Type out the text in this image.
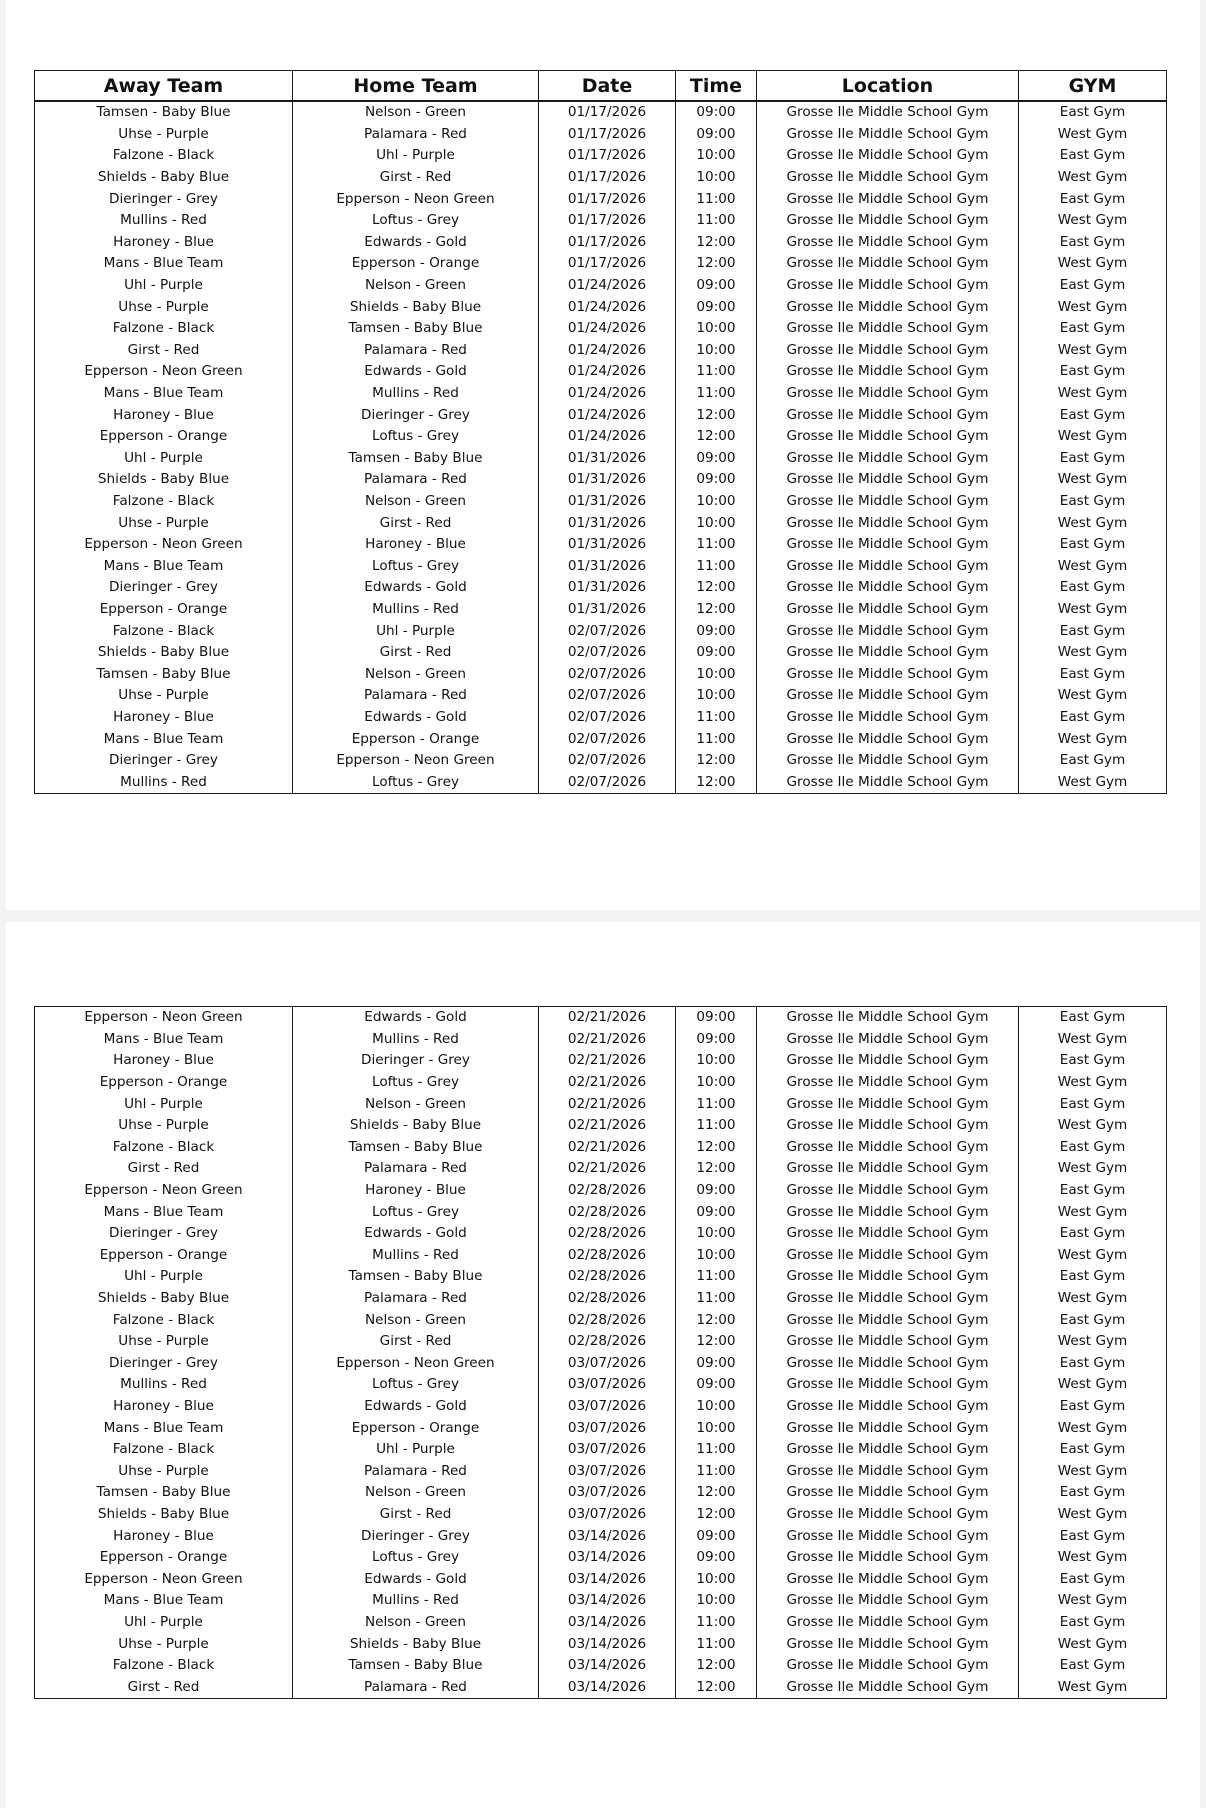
Away Team	Home Team	Date	Time	Location	GYM
Tamsen - Baby Blue	Nelson - Green	01/17/2026	09:00	Grosse Ile Middle School Gym	East Gym
Uhse - Purple	Palamara - Red	01/17/2026	09:00	Grosse Ile Middle School Gym	West Gym
Falzone - Black	Uhl - Purple	01/17/2026	10:00	Grosse Ile Middle School Gym	East Gym
Shields - Baby Blue	Girst - Red	01/17/2026	10:00	Grosse Ile Middle School Gym	West Gym
Dieringer - Grey	Epperson - Neon Green	01/17/2026	11:00	Grosse Ile Middle School Gym	East Gym
Mullins - Red	Loftus - Grey	01/17/2026	11:00	Grosse Ile Middle School Gym	West Gym
Haroney - Blue	Edwards - Gold	01/17/2026	12:00	Grosse Ile Middle School Gym	East Gym
Mans - Blue Team	Epperson - Orange	01/17/2026	12:00	Grosse Ile Middle School Gym	West Gym
Uhl - Purple	Nelson - Green	01/24/2026	09:00	Grosse Ile Middle School Gym	East Gym
Uhse - Purple	Shields - Baby Blue	01/24/2026	09:00	Grosse Ile Middle School Gym	West Gym
Falzone - Black	Tamsen - Baby Blue	01/24/2026	10:00	Grosse Ile Middle School Gym	East Gym
Girst - Red	Palamara - Red	01/24/2026	10:00	Grosse Ile Middle School Gym	West Gym
Epperson - Neon Green	Edwards - Gold	01/24/2026	11:00	Grosse Ile Middle School Gym	East Gym
Mans - Blue Team	Mullins - Red	01/24/2026	11:00	Grosse Ile Middle School Gym	West Gym
Haroney - Blue	Dieringer - Grey	01/24/2026	12:00	Grosse Ile Middle School Gym	East Gym
Epperson - Orange	Loftus - Grey	01/24/2026	12:00	Grosse Ile Middle School Gym	West Gym
Uhl - Purple	Tamsen - Baby Blue	01/31/2026	09:00	Grosse Ile Middle School Gym	East Gym
Shields - Baby Blue	Palamara - Red	01/31/2026	09:00	Grosse Ile Middle School Gym	West Gym
Falzone - Black	Nelson - Green	01/31/2026	10:00	Grosse Ile Middle School Gym	East Gym
Uhse - Purple	Girst - Red	01/31/2026	10:00	Grosse Ile Middle School Gym	West Gym
Epperson - Neon Green	Haroney - Blue	01/31/2026	11:00	Grosse Ile Middle School Gym	East Gym
Mans - Blue Team	Loftus - Grey	01/31/2026	11:00	Grosse Ile Middle School Gym	West Gym
Dieringer - Grey	Edwards - Gold	01/31/2026	12:00	Grosse Ile Middle School Gym	East Gym
Epperson - Orange	Mullins - Red	01/31/2026	12:00	Grosse Ile Middle School Gym	West Gym
Falzone - Black	Uhl - Purple	02/07/2026	09:00	Grosse Ile Middle School Gym	East Gym
Shields - Baby Blue	Girst - Red	02/07/2026	09:00	Grosse Ile Middle School Gym	West Gym
Tamsen - Baby Blue	Nelson - Green	02/07/2026	10:00	Grosse Ile Middle School Gym	East Gym
Uhse - Purple	Palamara - Red	02/07/2026	10:00	Grosse Ile Middle School Gym	West Gym
Haroney - Blue	Edwards - Gold	02/07/2026	11:00	Grosse Ile Middle School Gym	East Gym
Mans - Blue Team	Epperson - Orange	02/07/2026	11:00	Grosse Ile Middle School Gym	West Gym
Dieringer - Grey	Epperson - Neon Green	02/07/2026	12:00	Grosse Ile Middle School Gym	East Gym
Mullins - Red	Loftus - Grey	02/07/2026	12:00	Grosse Ile Middle School Gym	West Gym
Epperson - Neon Green	Edwards - Gold	02/21/2026	09:00	Grosse Ile Middle School Gym	East Gym
Mans - Blue Team	Mullins - Red	02/21/2026	09:00	Grosse Ile Middle School Gym	West Gym
Haroney - Blue	Dieringer - Grey	02/21/2026	10:00	Grosse Ile Middle School Gym	East Gym
Epperson - Orange	Loftus - Grey	02/21/2026	10:00	Grosse Ile Middle School Gym	West Gym
Uhl - Purple	Nelson - Green	02/21/2026	11:00	Grosse Ile Middle School Gym	East Gym
Uhse - Purple	Shields - Baby Blue	02/21/2026	11:00	Grosse Ile Middle School Gym	West Gym
Falzone - Black	Tamsen - Baby Blue	02/21/2026	12:00	Grosse Ile Middle School Gym	East Gym
Girst - Red	Palamara - Red	02/21/2026	12:00	Grosse Ile Middle School Gym	West Gym
Epperson - Neon Green	Haroney - Blue	02/28/2026	09:00	Grosse Ile Middle School Gym	East Gym
Mans - Blue Team	Loftus - Grey	02/28/2026	09:00	Grosse Ile Middle School Gym	West Gym
Dieringer - Grey	Edwards - Gold	02/28/2026	10:00	Grosse Ile Middle School Gym	East Gym
Epperson - Orange	Mullins - Red	02/28/2026	10:00	Grosse Ile Middle School Gym	West Gym
Uhl - Purple	Tamsen - Baby Blue	02/28/2026	11:00	Grosse Ile Middle School Gym	East Gym
Shields - Baby Blue	Palamara - Red	02/28/2026	11:00	Grosse Ile Middle School Gym	West Gym
Falzone - Black	Nelson - Green	02/28/2026	12:00	Grosse Ile Middle School Gym	East Gym
Uhse - Purple	Girst - Red	02/28/2026	12:00	Grosse Ile Middle School Gym	West Gym
Dieringer - Grey	Epperson - Neon Green	03/07/2026	09:00	Grosse Ile Middle School Gym	East Gym
Mullins - Red	Loftus - Grey	03/07/2026	09:00	Grosse Ile Middle School Gym	West Gym
Haroney - Blue	Edwards - Gold	03/07/2026	10:00	Grosse Ile Middle School Gym	East Gym
Mans - Blue Team	Epperson - Orange	03/07/2026	10:00	Grosse Ile Middle School Gym	West Gym
Falzone - Black	Uhl - Purple	03/07/2026	11:00	Grosse Ile Middle School Gym	East Gym
Uhse - Purple	Palamara - Red	03/07/2026	11:00	Grosse Ile Middle School Gym	West Gym
Tamsen - Baby Blue	Nelson - Green	03/07/2026	12:00	Grosse Ile Middle School Gym	East Gym
Shields - Baby Blue	Girst - Red	03/07/2026	12:00	Grosse Ile Middle School Gym	West Gym
Haroney - Blue	Dieringer - Grey	03/14/2026	09:00	Grosse Ile Middle School Gym	East Gym
Epperson - Orange	Loftus - Grey	03/14/2026	09:00	Grosse Ile Middle School Gym	West Gym
Epperson - Neon Green	Edwards - Gold	03/14/2026	10:00	Grosse Ile Middle School Gym	East Gym
Mans - Blue Team	Mullins - Red	03/14/2026	10:00	Grosse Ile Middle School Gym	West Gym
Uhl - Purple	Nelson - Green	03/14/2026	11:00	Grosse Ile Middle School Gym	East Gym
Uhse - Purple	Shields - Baby Blue	03/14/2026	11:00	Grosse Ile Middle School Gym	West Gym
Falzone - Black	Tamsen - Baby Blue	03/14/2026	12:00	Grosse Ile Middle School Gym	East Gym
Girst - Red	Palamara - Red	03/14/2026	12:00	Grosse Ile Middle School Gym	West Gym
